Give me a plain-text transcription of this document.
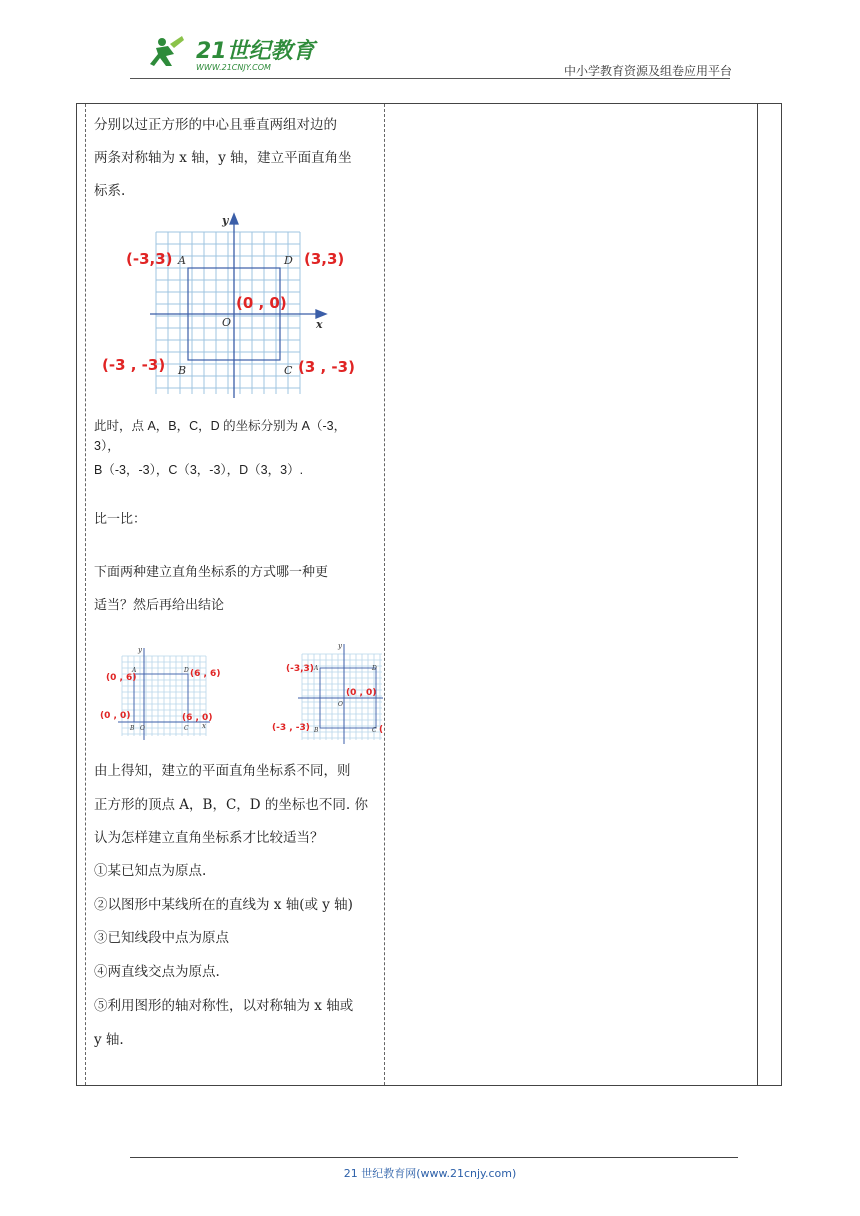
21世纪教育
WWW.21CNJY.COM	中小学教育资源及组卷应用平台
分别以过正方形的中心且垂直两组对边的
两条对称轴为 x 轴，y 轴，建立平面直角坐
标系.
y
x
O
A	D
B	C
(-3,3)	(3,3)
(0 , 0)
(-3 , -3)	(3 , -3)
此时，点 A，B，C，D 的坐标分别为 A（-3，
3），
B（-3，-3），C（3，-3），D（3，3）.
比一比：
下面两种建立直角坐标系的方式哪一种更
适当？然后再给出结论
y
x
A	D
B O	C
(0 , 6)	(6 , 6)
(0 , 0)	(6 , 0)
y
A	D
O
B	C
(-3,3)
(0 , 0)
(-3 , -3)	(
由上得知，建立的平面直角坐标系不同，则
正方形的顶点 A，B，C，D 的坐标也不同. 你
认为怎样建立直角坐标系才比较适当？
①某已知点为原点.
②以图形中某线所在的直线为 x 轴(或 y 轴)
③已知线段中点为原点
④两直线交点为原点.
⑤利用图形的轴对称性，以对称轴为 x 轴或
y 轴.
21 世纪教育网(www.21cnjy.com)
